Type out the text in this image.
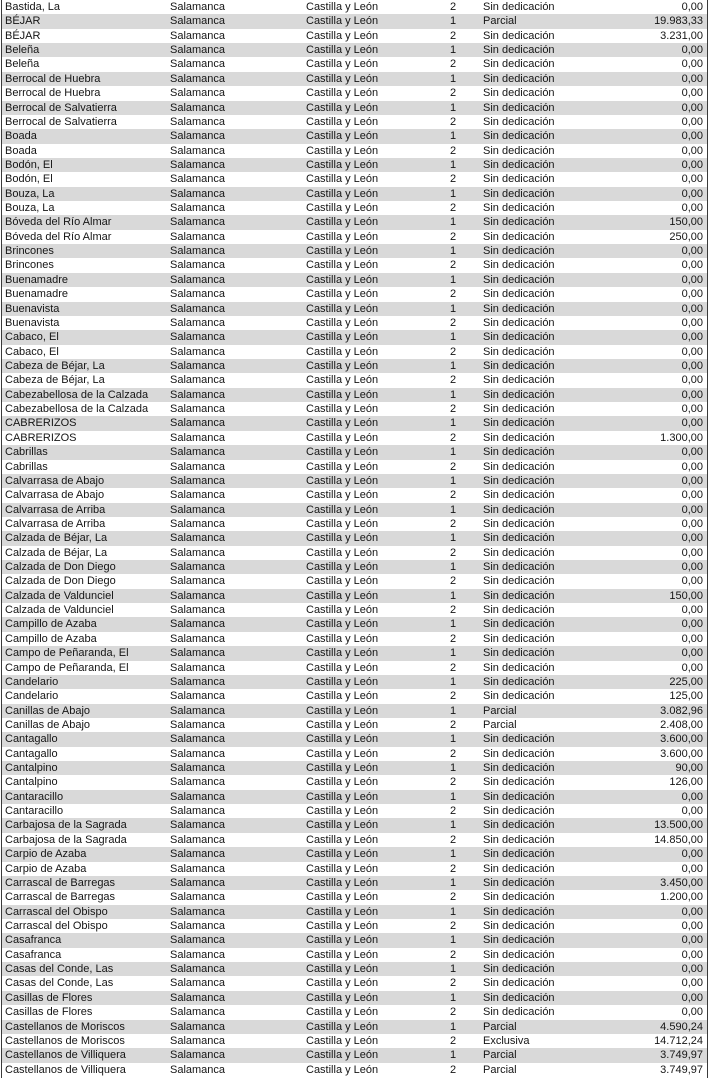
Bastida, La	Salamanca	Castilla y León	2	Sin dedicación	0,00
BÉJAR	Salamanca	Castilla y León	1	Parcial	19.983,33
BÉJAR	Salamanca	Castilla y León	2	Sin dedicación	3.231,00
Beleña	Salamanca	Castilla y León	1	Sin dedicación	0,00
Beleña	Salamanca	Castilla y León	2	Sin dedicación	0,00
Berrocal de Huebra	Salamanca	Castilla y León	1	Sin dedicación	0,00
Berrocal de Huebra	Salamanca	Castilla y León	2	Sin dedicación	0,00
Berrocal de Salvatierra	Salamanca	Castilla y León	1	Sin dedicación	0,00
Berrocal de Salvatierra	Salamanca	Castilla y León	2	Sin dedicación	0,00
Boada	Salamanca	Castilla y León	1	Sin dedicación	0,00
Boada	Salamanca	Castilla y León	2	Sin dedicación	0,00
Bodón, El	Salamanca	Castilla y León	1	Sin dedicación	0,00
Bodón, El	Salamanca	Castilla y León	2	Sin dedicación	0,00
Bouza, La	Salamanca	Castilla y León	1	Sin dedicación	0,00
Bouza, La	Salamanca	Castilla y León	2	Sin dedicación	0,00
Bóveda del Río Almar	Salamanca	Castilla y León	1	Sin dedicación	150,00
Bóveda del Río Almar	Salamanca	Castilla y León	2	Sin dedicación	250,00
Brincones	Salamanca	Castilla y León	1	Sin dedicación	0,00
Brincones	Salamanca	Castilla y León	2	Sin dedicación	0,00
Buenamadre	Salamanca	Castilla y León	1	Sin dedicación	0,00
Buenamadre	Salamanca	Castilla y León	2	Sin dedicación	0,00
Buenavista	Salamanca	Castilla y León	1	Sin dedicación	0,00
Buenavista	Salamanca	Castilla y León	2	Sin dedicación	0,00
Cabaco, El	Salamanca	Castilla y León	1	Sin dedicación	0,00
Cabaco, El	Salamanca	Castilla y León	2	Sin dedicación	0,00
Cabeza de Béjar, La	Salamanca	Castilla y León	1	Sin dedicación	0,00
Cabeza de Béjar, La	Salamanca	Castilla y León	2	Sin dedicación	0,00
Cabezabellosa de la Calzada	Salamanca	Castilla y León	1	Sin dedicación	0,00
Cabezabellosa de la Calzada	Salamanca	Castilla y León	2	Sin dedicación	0,00
CABRERIZOS	Salamanca	Castilla y León	1	Sin dedicación	0,00
CABRERIZOS	Salamanca	Castilla y León	2	Sin dedicación	1.300,00
Cabrillas	Salamanca	Castilla y León	1	Sin dedicación	0,00
Cabrillas	Salamanca	Castilla y León	2	Sin dedicación	0,00
Calvarrasa de Abajo	Salamanca	Castilla y León	1	Sin dedicación	0,00
Calvarrasa de Abajo	Salamanca	Castilla y León	2	Sin dedicación	0,00
Calvarrasa de Arriba	Salamanca	Castilla y León	1	Sin dedicación	0,00
Calvarrasa de Arriba	Salamanca	Castilla y León	2	Sin dedicación	0,00
Calzada de Béjar, La	Salamanca	Castilla y León	1	Sin dedicación	0,00
Calzada de Béjar, La	Salamanca	Castilla y León	2	Sin dedicación	0,00
Calzada de Don Diego	Salamanca	Castilla y León	1	Sin dedicación	0,00
Calzada de Don Diego	Salamanca	Castilla y León	2	Sin dedicación	0,00
Calzada de Valdunciel	Salamanca	Castilla y León	1	Sin dedicación	150,00
Calzada de Valdunciel	Salamanca	Castilla y León	2	Sin dedicación	0,00
Campillo de Azaba	Salamanca	Castilla y León	1	Sin dedicación	0,00
Campillo de Azaba	Salamanca	Castilla y León	2	Sin dedicación	0,00
Campo de Peñaranda, El	Salamanca	Castilla y León	1	Sin dedicación	0,00
Campo de Peñaranda, El	Salamanca	Castilla y León	2	Sin dedicación	0,00
Candelario	Salamanca	Castilla y León	1	Sin dedicación	225,00
Candelario	Salamanca	Castilla y León	2	Sin dedicación	125,00
Canillas de Abajo	Salamanca	Castilla y León	1	Parcial	3.082,96
Canillas de Abajo	Salamanca	Castilla y León	2	Parcial	2.408,00
Cantagallo	Salamanca	Castilla y León	1	Sin dedicación	3.600,00
Cantagallo	Salamanca	Castilla y León	2	Sin dedicación	3.600,00
Cantalpino	Salamanca	Castilla y León	1	Sin dedicación	90,00
Cantalpino	Salamanca	Castilla y León	2	Sin dedicación	126,00
Cantaracillo	Salamanca	Castilla y León	1	Sin dedicación	0,00
Cantaracillo	Salamanca	Castilla y León	2	Sin dedicación	0,00
Carbajosa de la Sagrada	Salamanca	Castilla y León	1	Sin dedicación	13.500,00
Carbajosa de la Sagrada	Salamanca	Castilla y León	2	Sin dedicación	14.850,00
Carpio de Azaba	Salamanca	Castilla y León	1	Sin dedicación	0,00
Carpio de Azaba	Salamanca	Castilla y León	2	Sin dedicación	0,00
Carrascal de Barregas	Salamanca	Castilla y León	1	Sin dedicación	3.450,00
Carrascal de Barregas	Salamanca	Castilla y León	2	Sin dedicación	1.200,00
Carrascal del Obispo	Salamanca	Castilla y León	1	Sin dedicación	0,00
Carrascal del Obispo	Salamanca	Castilla y León	2	Sin dedicación	0,00
Casafranca	Salamanca	Castilla y León	1	Sin dedicación	0,00
Casafranca	Salamanca	Castilla y León	2	Sin dedicación	0,00
Casas del Conde, Las	Salamanca	Castilla y León	1	Sin dedicación	0,00
Casas del Conde, Las	Salamanca	Castilla y León	2	Sin dedicación	0,00
Casillas de Flores	Salamanca	Castilla y León	1	Sin dedicación	0,00
Casillas de Flores	Salamanca	Castilla y León	2	Sin dedicación	0,00
Castellanos de Moriscos	Salamanca	Castilla y León	1	Parcial	4.590,24
Castellanos de Moriscos	Salamanca	Castilla y León	2	Exclusiva	14.712,24
Castellanos de Villiquera	Salamanca	Castilla y León	1	Parcial	3.749,97
Castellanos de Villiquera	Salamanca	Castilla y León	2	Parcial	3.749,97
